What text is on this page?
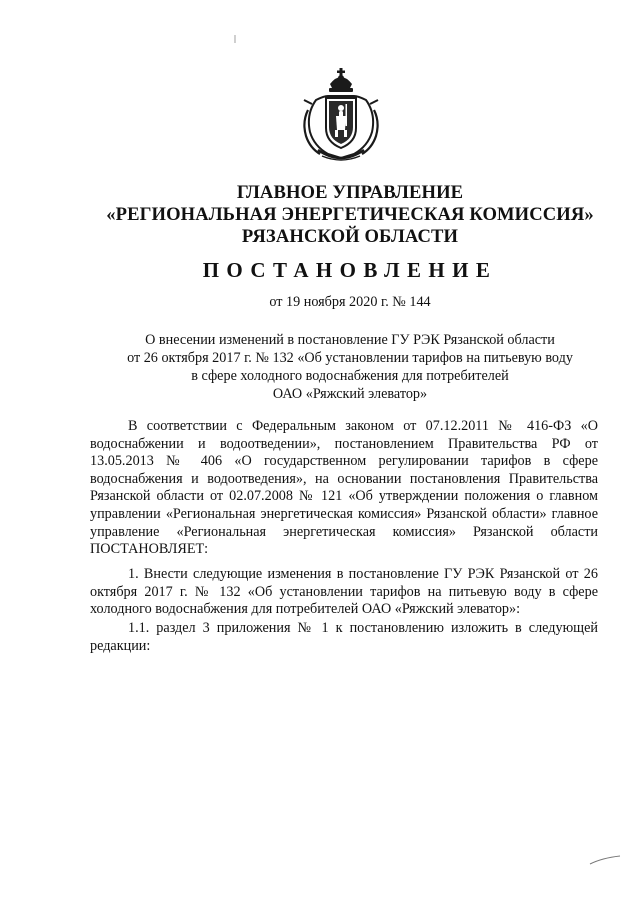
ГЛАВНОЕ УПРАВЛЕНИЕ
«РЕГИОНАЛЬНАЯ ЭНЕРГЕТИЧЕСКАЯ КОМИССИЯ»
РЯЗАНСКОЙ ОБЛАСТИ
ПОСТАНОВЛЕНИЕ
от 19 ноября 2020 г. № 144
О внесении изменений в постановление ГУ РЭК Рязанской области
от 26 октября 2017 г. № 132 «Об установлении тарифов на питьевую воду
в сфере холодного водоснабжения для потребителей
ОАО «Ряжский элеватор»

В соответствии с Федеральным законом от 07.12.2011 № 416-ФЗ «О водоснабжении и водоотведении», постановлением Правительства РФ от 13.05.2013 № 406 «О государственном регулировании тарифов в сфере водоснабжения и водоотведения», на основании постановления Правительства Рязанской области от 02.07.2008 № 121 «Об утверждении положения о главном управлении «Региональная энергетическая комиссия» Рязанской области» главное управление «Региональная энергетическая комиссия» Рязанской области ПОСТАНОВЛЯЕТ:

1. Внести следующие изменения в постановление ГУ РЭК Рязанской от 26 октября 2017 г. № 132 «Об установлении тарифов на питьевую воду в сфере холодного водоснабжения для потребителей ОАО «Ряжский элеватор»:

1.1. раздел 3 приложения № 1 к постановлению изложить в следующей редакции:
